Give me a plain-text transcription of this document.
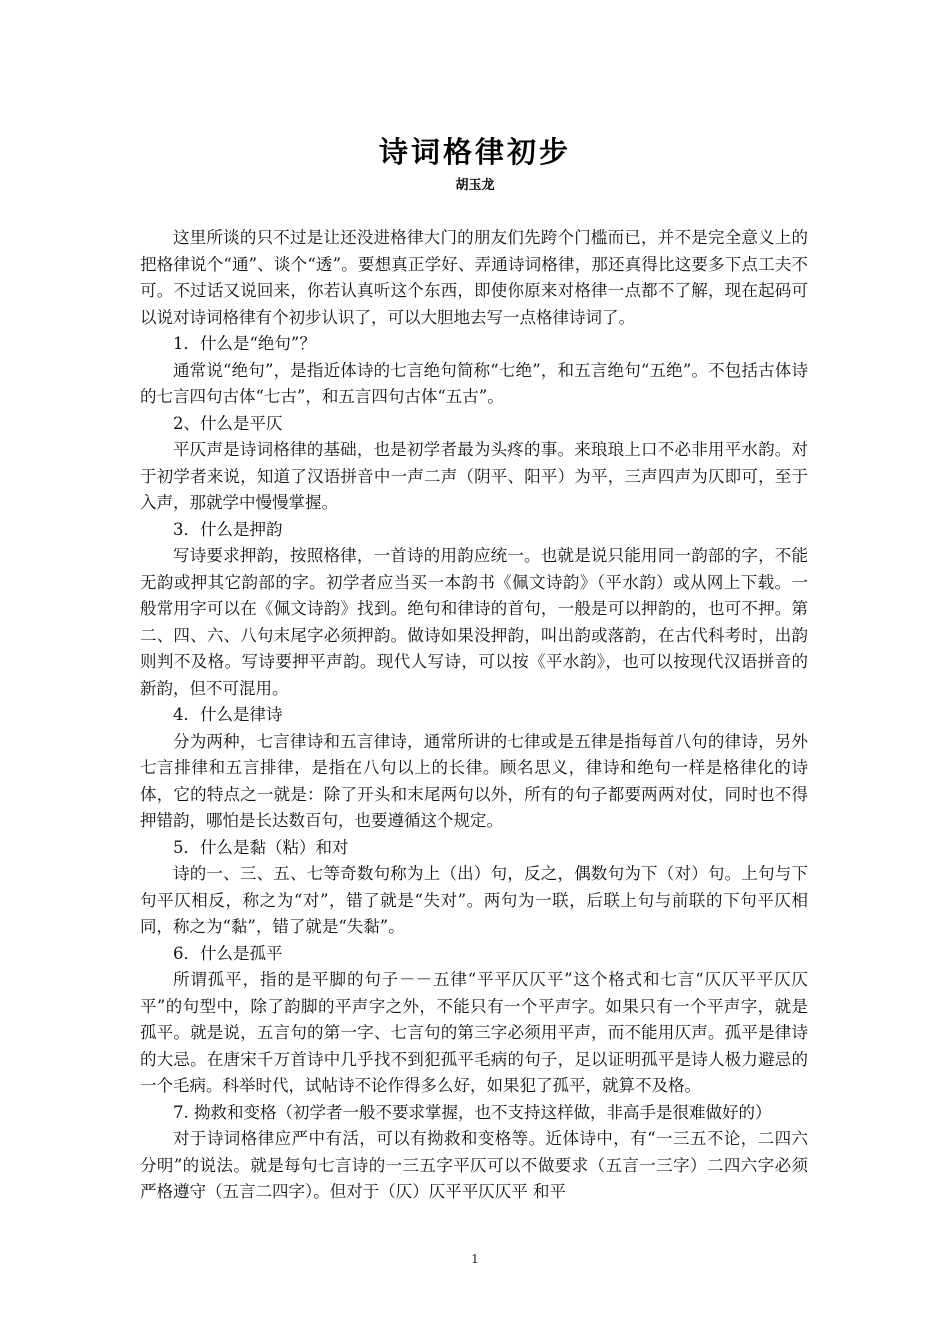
诗词格律初步
胡玉龙

这里所谈的只不过是让还没进格律大门的朋友们先跨个门槛而已，并不是完全意义上的把格律说个“通”、谈个“透”。要想真正学好、弄通诗词格律，那还真得比这要多下点工夫不可。不过话又说回来，你若认真听这个东西，即使你原来对格律一点都不了解，现在起码可以说对诗词格律有个初步认识了，可以大胆地去写一点格律诗词了。

1．什么是“绝句”？

通常说“绝句”，是指近体诗的七言绝句简称“七绝”，和五言绝句“五绝”。不包括古体诗的七言四句古体“七古”，和五言四句古体“五古”。

2、什么是平仄

平仄声是诗词格律的基础，也是初学者最为头疼的事。来琅琅上口不必非用平水韵。对于初学者来说，知道了汉语拼音中一声二声（阴平、阳平）为平，三声四声为仄即可，至于入声，那就学中慢慢掌握。

3．什么是押韵

写诗要求押韵，按照格律，一首诗的用韵应统一。也就是说只能用同一韵部的字，不能无韵或押其它韵部的字。初学者应当买一本韵书《佩文诗韵》（平水韵）或从网上下载。一般常用字可以在《佩文诗韵》找到。绝句和律诗的首句，一般是可以押韵的，也可不押。第二、四、六、八句末尾字必须押韵。做诗如果没押韵，叫出韵或落韵，在古代科考时，出韵则判不及格。写诗要押平声韵。现代人写诗，可以按《平水韵》，也可以按现代汉语拼音的新韵，但不可混用。

4．什么是律诗

分为两种，七言律诗和五言律诗，通常所讲的七律或是五律是指每首八句的律诗，另外七言排律和五言排律，是指在八句以上的长律。顾名思义，律诗和绝句一样是格律化的诗体，它的特点之一就是：除了开头和末尾两句以外，所有的句子都要两两对仗，同时也不得押错韵，哪怕是长达数百句，也要遵循这个规定。

5．什么是黏（粘）和对

诗的一、三、五、七等奇数句称为上（出）句，反之，偶数句为下（对）句。上句与下句平仄相反，称之为“对”，错了就是“失对”。两句为一联，后联上句与前联的下句平仄相同，称之为“黏”，错了就是“失黏”。

6．什么是孤平

所谓孤平，指的是平脚的句子－－五律“平平仄仄平”这个格式和七言“仄仄平平仄仄平”的句型中，除了韵脚的平声字之外，不能只有一个平声字。如果只有一个平声字，就是孤平。就是说，五言句的第一字、七言句的第三字必须用平声，而不能用仄声。孤平是律诗的大忌。在唐宋千万首诗中几乎找不到犯孤平毛病的句子，足以证明孤平是诗人极力避忌的一个毛病。科举时代，试帖诗不论作得多么好，如果犯了孤平，就算不及格。

7. 拗救和变格（初学者一般不要求掌握，也不支持这样做，非高手是很难做好的）

对于诗词格律应严中有活，可以有拗救和变格等。近体诗中，有“一三五不论，二四六分明”的说法。就是每句七言诗的一三五字平仄可以不做要求（五言一三字）二四六字必须严格遵守（五言二四字）。但对于（仄）仄平平仄仄平 和平

1
